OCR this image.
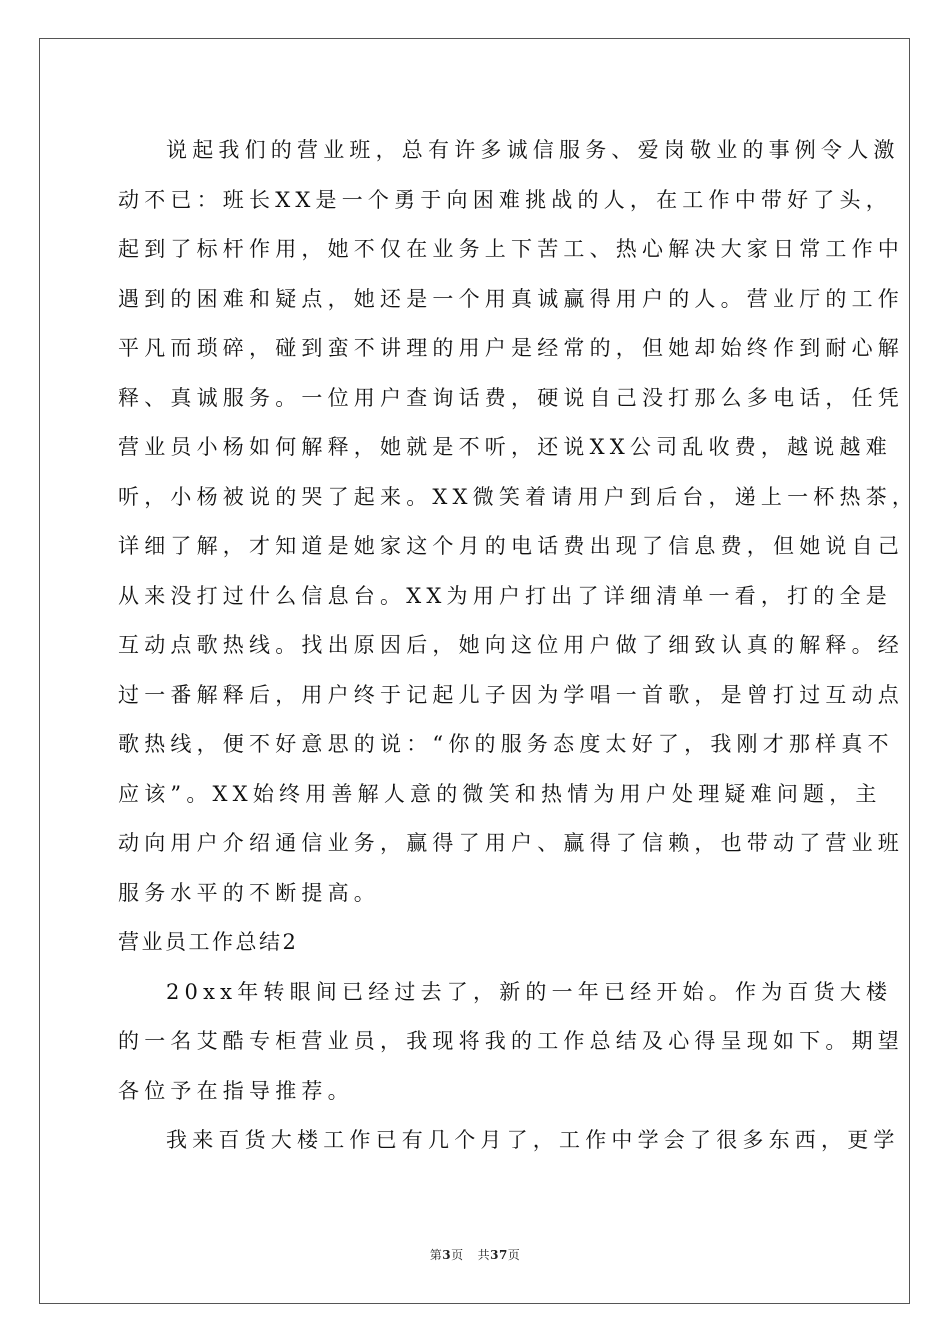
说起我们的营业班，总有许多诚信服务、爱岗敬业的事例令人激
动不已：班长XX是一个勇于向困难挑战的人，在工作中带好了头，
起到了标杆作用，她不仅在业务上下苦工、热心解决大家日常工作中
遇到的困难和疑点，她还是一个用真诚赢得用户的人。营业厅的工作
平凡而琐碎，碰到蛮不讲理的用户是经常的，但她却始终作到耐心解
释、真诚服务。一位用户查询话费，硬说自己没打那么多电话，任凭
营业员小杨如何解释，她就是不听，还说XX公司乱收费，越说越难
听，小杨被说的哭了起来。XX微笑着请用户到后台，递上一杯热茶，
详细了解，才知道是她家这个月的电话费出现了信息费，但她说自己
从来没打过什么信息台。XX为用户打出了详细清单一看，打的全是
互动点歌热线。找出原因后，她向这位用户做了细致认真的解释。经
过一番解释后，用户终于记起儿子因为学唱一首歌，是曾打过互动点
歌热线，便不好意思的说：“你的服务态度太好了，我刚才那样真不
应该”。XX始终用善解人意的微笑和热情为用户处理疑难问题，主
动向用户介绍通信业务，赢得了用户、赢得了信赖，也带动了营业班
服务水平的不断提高。
营业员工作总结2
20xx年转眼间已经过去了，新的一年已经开始。作为百货大楼
的一名艾酷专柜营业员，我现将我的工作总结及心得呈现如下。期望
各位予在指导推荐。
我来百货大楼工作已有几个月了，工作中学会了很多东西，更学
第3页 共37页
